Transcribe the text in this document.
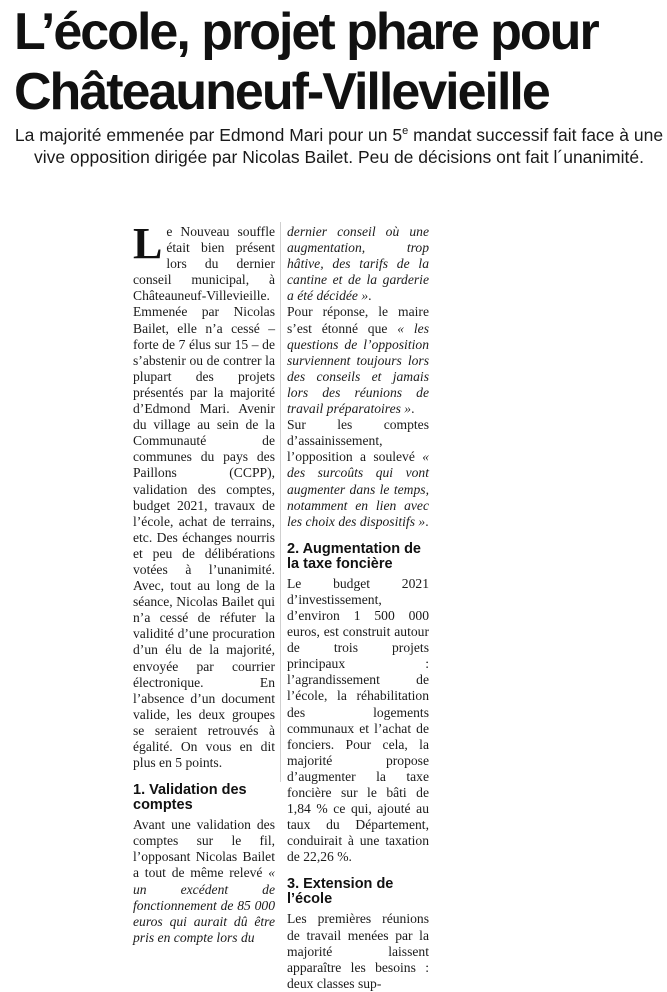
L’école, projet phare pour
Châteauneuf-Villevieille

La majorité emmenée par Edmond Mari pour un 5e mandat successif fait face à une vive opposition dirigée par Nicolas Bailet. Peu de décisions ont fait l´unanimité.

Le Nouveau souffle était bien présent lors du dernier conseil municipal, à Châteauneuf-Villevieille. Emmenée par Nicolas Bailet, elle n’a cessé – forte de 7 élus sur 15 – de s’abstenir ou de contrer la plupart des projets présentés par la majorité d’Edmond Mari. Avenir du village au sein de la Communauté de communes du pays des Paillons (CCPP), validation des comptes, budget 2021, travaux de l’école, achat de terrains, etc. Des échanges nourris et peu de délibérations votées à l’unanimité. Avec, tout au long de la séance, Nicolas Bailet qui n’a cessé de réfuter la validité d’une procuration d’un élu de la majorité, envoyée par courrier électronique. En l’absence d’un document valide, les deux groupes se seraient retrouvés à égalité. On vous en dit plus en 5 points.

1. Validation des comptes

Avant une validation des comptes sur le fil, l’opposant Nicolas Bailet a tout de même relevé « un excédent de fonctionnement de 85 000 euros qui aurait dû être pris en compte lors du

dernier conseil où une augmentation, trop hâtive, des tarifs de la cantine et de la garderie a été décidée ».

Pour réponse, le maire s’est étonné que « les questions de l’opposition surviennent toujours lors des conseils et jamais lors des réunions de travail préparatoires ».

Sur les comptes d’assainissement, l’opposition a soulevé « des surcoûts qui vont augmenter dans le temps, notamment en lien avec les choix des dispositifs ».

2. Augmentation de la taxe foncière

Le budget 2021 d’investissement, d’environ 1 500 000 euros, est construit autour de trois projets principaux : l’agrandissement de l’école, la réhabilitation des logements communaux et l’achat de fonciers. Pour cela, la majorité propose d’augmenter la taxe foncière sur le bâti de 1,84 % ce qui, ajouté au taux du Département, conduirait à une taxation de 22,26 %.

3. Extension de l’école

Les premières réunions de travail menées par la majorité laissent apparaître les besoins : deux classes sup-
